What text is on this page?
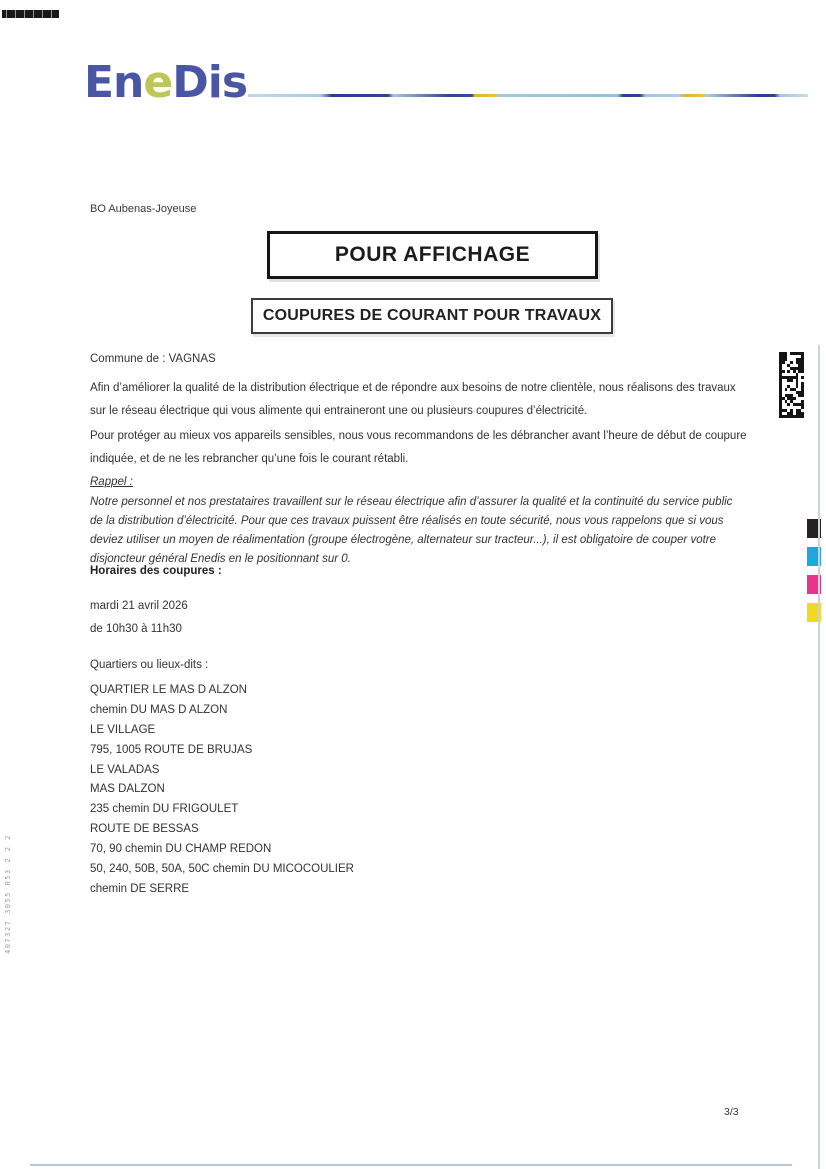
EneDis
BO Aubenas-Joyeuse
POUR AFFICHAGE
COUPURES DE COURANT POUR TRAVAUX
Commune de : VAGNAS
Afin d’améliorer la qualité de la distribution électrique et de répondre aux besoins de notre clientèle, nous réalisons des travaux sur le réseau électrique qui vous alimente qui entraineront une ou plusieurs coupures d’électricité.
Pour protéger au mieux vos appareils sensibles, nous vous recommandons de les débrancher avant l’heure de début de coupure indiquée, et de ne les rebrancher qu’une fois le courant rétabli.
Rappel :
Notre personnel et nos prestataires travaillent sur le réseau électrique afin d’assurer la qualité et la continuité du service public de la distribution d’électricité. Pour que ces travaux puissent être réalisés en toute sécurité, nous vous rappelons que si vous deviez utiliser un moyen de réalimentation (groupe électrogène, alternateur sur tracteur...), il est obligatoire de couper votre disjoncteur général Enedis en le positionnant sur 0.
Horaires des coupures :
mardi 21 avril 2026
de 10h30 à 11h30
Quartiers ou lieux-dits :
QUARTIER LE MAS D ALZON
chemin DU MAS D ALZON
LE VILLAGE
795, 1005 ROUTE DE BRUJAS
LE VALADAS
MAS DALZON
235 chemin DU FRIGOULET
ROUTE DE BESSAS
70, 90 chemin DU CHAMP REDON
50, 240, 50B, 50A, 50C chemin DU MICOCOULIER
chemin DE SERRE
407327 3055 053 2 2 2
3/3
